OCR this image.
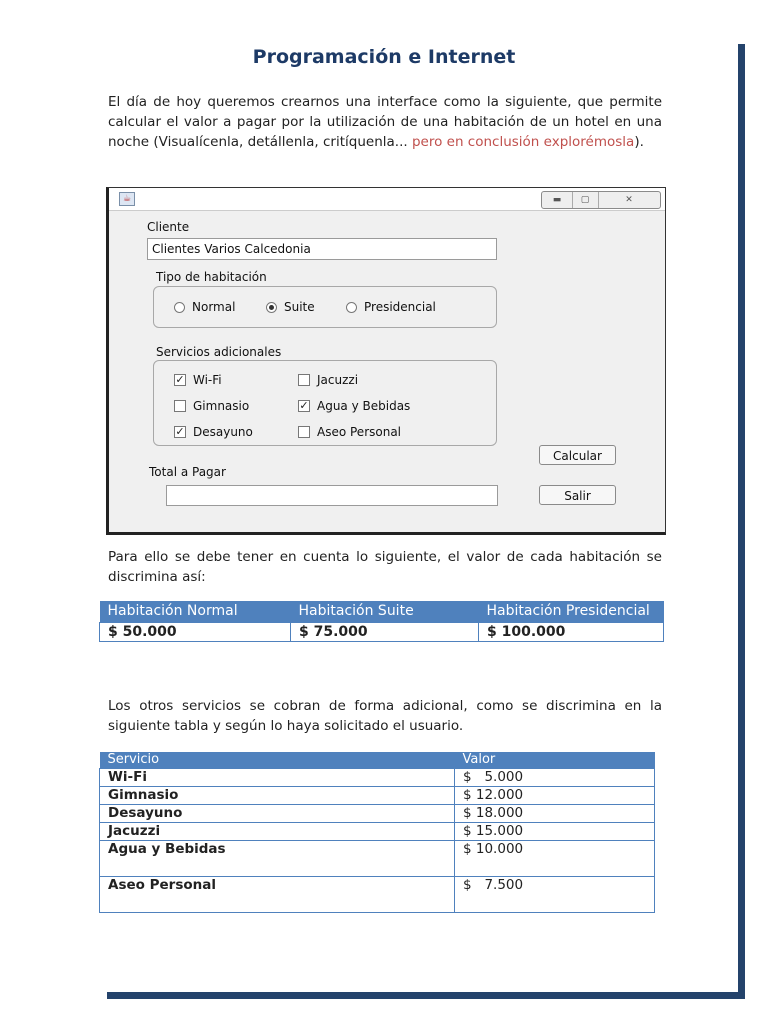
Programación e Internet
El día de hoy queremos crearnos una interface como la siguiente, que permite calcular el valor a pagar por la utilización de una habitación de un hotel en una noche (Visualícenla, detállenla, critíquenla... pero en conclusión explorémosla).
☕	▬	▢	✕
Cliente
Clientes Varios Calcedonia
Tipo de habitación
Normal	Suite	Presidencial
Servicios adicionales
✓ Wi-Fi	Jacuzzi
Gimnasio	✓ Agua y Bebidas
✓ Desayuno	Aseo Personal
Calcular
Total a Pagar
Salir
Para ello se debe tener en cuenta lo siguiente, el valor de cada habitación se discrimina así:
Habitación Normal	Habitación Suite	Habitación Presidencial
$ 50.000	$ 75.000	$ 100.000
Los otros servicios se cobran de forma adicional, como se discrimina en la siguiente tabla y según lo haya solicitado el usuario.
Servicio	Valor
Wi-Fi	$   5.000
Gimnasio	$ 12.000
Desayuno	$ 18.000
Jacuzzi	$ 15.000
Agua y Bebidas	$ 10.000
Aseo Personal	$   7.500
